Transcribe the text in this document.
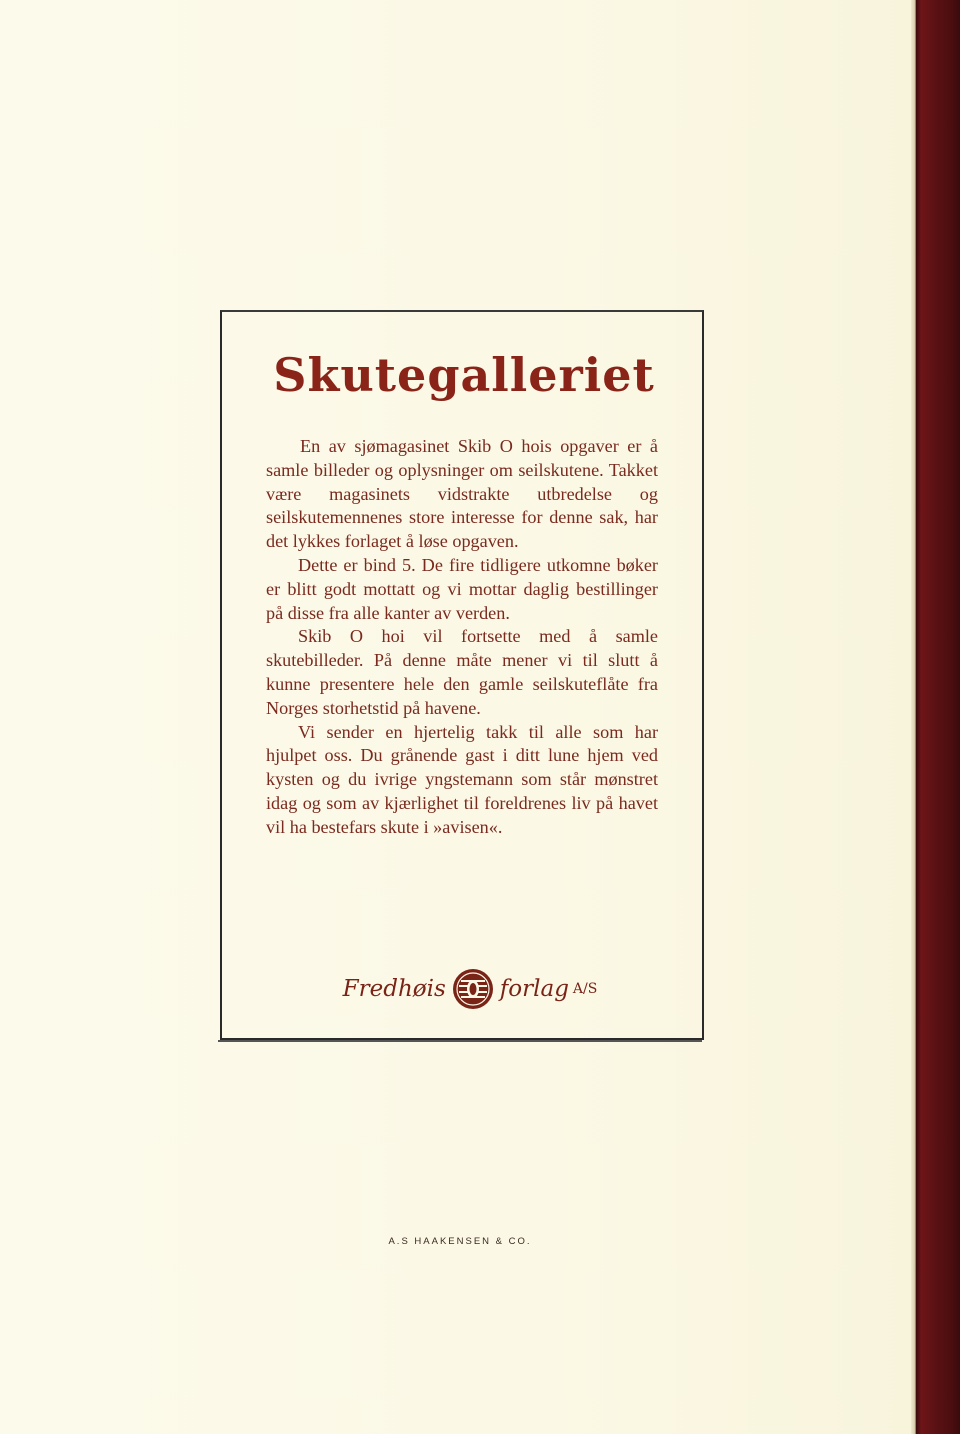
Skutegalleriet

En av sjømagasinet Skib O hois opgaver er å samle billeder og oplysninger om seilskutene. Takket være magasinets vidstrakte utbredelse og seilskutemennenes store interesse for denne sak, har det lykkes forlaget å løse opgaven.

Dette er bind 5. De fire tidligere utkomne bøker er blitt godt mottatt og vi mottar daglig bestillinger på disse fra alle kanter av verden.

Skib O hoi vil fortsette med å samle skutebilleder. På denne måte mener vi til slutt å kunne presentere hele den gamle seilskuteflåte fra Norges storhetstid på havene.

Vi sender en hjertelig takk til alle som har hjulpet oss. Du grånende gast i ditt lune hjem ved kysten og du ivrige yngstemann som står mønstret idag og som av kjærlighet til foreldrenes liv på havet vil ha bestefars skute i »avisen«.

Fredhøis forlag A/S
A.S HAAKENSEN & CO.
